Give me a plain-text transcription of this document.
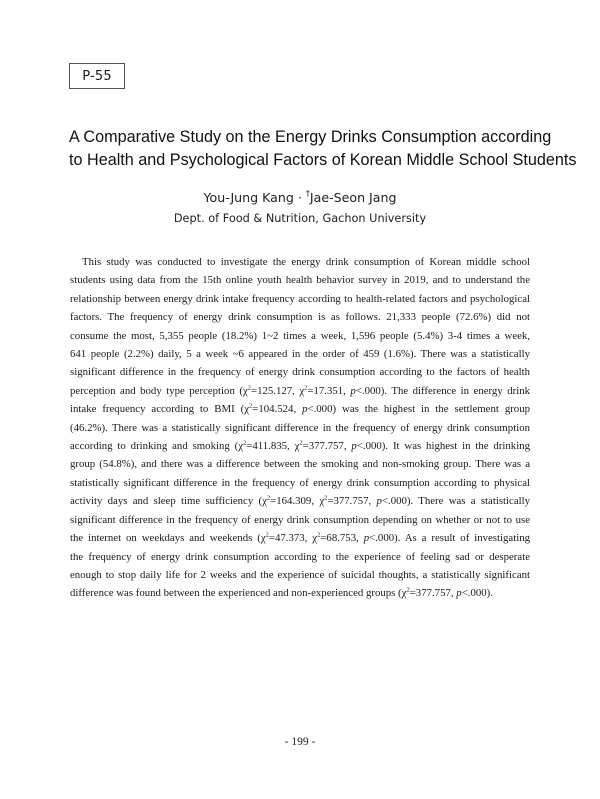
P-55
A Comparative Study on the Energy Drinks Consumption according
to Health and Psychological Factors of Korean Middle School Students
You-Jung Kang · †Jae-Seon Jang
Dept. of Food & Nutrition, Gachon University
This study was conducted to investigate the energy drink consumption of Korean middle school
students using data from the 15th online youth health behavior survey in 2019, and to understand the
relationship between energy drink intake frequency according to health-related factors and psychological
factors. The frequency of energy drink consumption is as follows. 21,333 people (72.6%) did not
consume the most, 5,355 people (18.2%) 1~2 times a week, 1,596 people (5.4%) 3-4 times a week,
641 people (2.2%) daily, 5 a week ~6 appeared in the order of 459 (1.6%). There was a statistically
significant difference in the frequency of energy drink consumption according to the factors of health
perception and body type perception ($\chi^2=125.127$, $\chi^2=17.351$, p<.000). The difference in energy drink
intake frequency according to BMI ($\chi^2=104.524$, p<.000) was the highest in the settlement group
(46.2%). There was a statistically significant difference in the frequency of energy drink consumption
according to drinking and smoking ($\chi^2=411.835$, $\chi^2=377.757$, p<.000). It was highest in the drinking
group (54.8%), and there was a difference between the smoking and non-smoking group. There was a
statistically significant difference in the frequency of energy drink consumption according to physical
activity days and sleep time sufficiency ($\chi^2=164.309$, $\chi^2=377.757$, p<.000). There was a statistically
significant difference in the frequency of energy drink consumption depending on whether or not to use
the internet on weekdays and weekends ($\chi^2=47.373$, $\chi^2=68.753$, p<.000). As a result of investigating
the frequency of energy drink consumption according to the experience of feeling sad or desperate
enough to stop daily life for 2 weeks and the experience of suicidal thoughts, a statistically significant
difference was found between the experienced and non-experienced groups ($\chi^2=377.757$, p<.000).
- 199 -
